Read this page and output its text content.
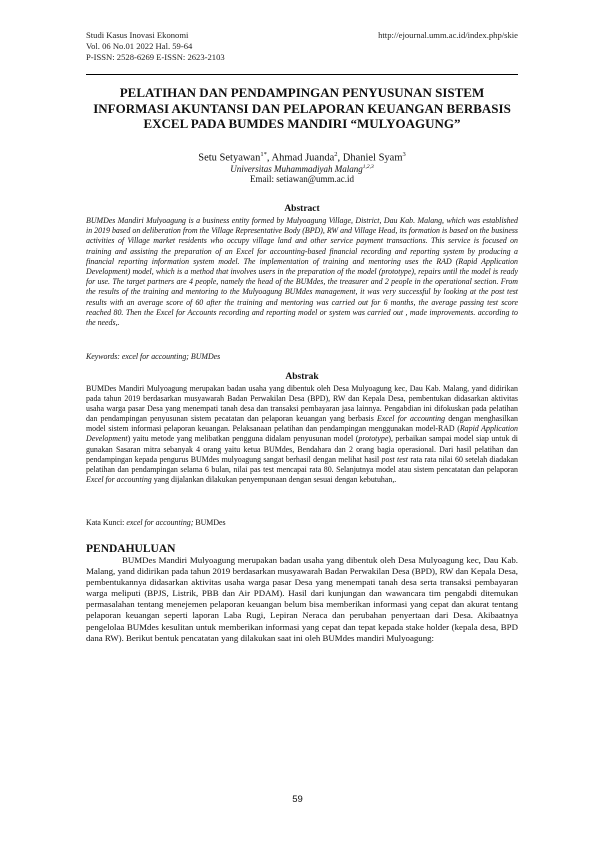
Studi Kasus Inovasi Ekonomi
Vol. 06 No.01 2022 Hal. 59-64
P-ISSN: 2528-6269 E-ISSN: 2623-2103
http://ejournal.umm.ac.id/index.php/skie
PELATIHAN DAN PENDAMPINGAN PENYUSUNAN SISTEM INFORMASI AKUNTANSI DAN PELAPORAN KEUANGAN BERBASIS EXCEL PADA BUMDES MANDIRI “MULYOAGUNG”
Setu Setyawan$^{1*}$, Ahmad Juanda$^2$, Dhaniel Syam$^3$
Universitas Muhammadiyah Malang$^{1,2,3}$
Email: setiawan@umm.ac.id
Abstract

BUMDes Mandiri Mulyoagung is a business entity formed by Mulyoagung Village, District, Dau Kab. Malang, which was established in 2019 based on deliberation from the Village Representative Body (BPD), RW and Village Head, its formation is based on the business activities of Village market residents who occupy village land and other service payment transactions. This service is focused on training and assisting the preparation of an Excel for accounting-based financial recording and reporting system by producing a financial reporting information system model. The implementation of training and mentoring uses the RAD (Rapid Application Development) model, which is a method that involves users in the preparation of the model (prototype), repairs until the model is ready for use. The target partners are 4 people, namely the head of the BUMdes, the treasurer and 2 people in the operational section. From the results of the training and mentoring to the Mulyoagung BUMdes management, it was very successful by looking at the post test results with an average score of 60 after the training and mentoring was carried out for 6 months, the average passing test score reached 80. Then the Excel for Accounts recording and reporting model or system was carried out , made improvements. according to the needs,.

Keywords: excel for accounting; BUMDes
Abstrak

BUMDes Mandiri Mulyoagung merupakan badan usaha yang dibentuk oleh Desa Mulyoagung kec, Dau Kab. Malang, yand didirikan pada tahun 2019 berdasarkan musyawarah Badan Perwakilan Desa (BPD), RW dan Kepala Desa, pembentukan didasarkan aktivitas usaha warga pasar Desa yang menempati tanah desa dan transaksi pembayaran jasa lainnya. Pengabdian ini difokuskan pada pelatihan dan pendampingan penyusunan sistem pecatatan dan pelaporan keuangan yang berbasis Excel for accounting dengan menghasilkan model sistem informasi pelaporan keuangan. Pelaksanaan pelatihan dan pendampingan menggunakan model-RAD (Rapid Application Development) yaitu metode yang melibatkan pengguna didalam penyusunan model (prototype), perbaikan sampai model siap untuk di gunakan Sasaran mitra sebanyak 4 orang yaitu ketua BUMdes, Bendahara dan 2 orang bagia operasional. Dari hasil pelatihan dan pendampingan kepada pengurus BUMdes mulyoagung sangat berhasil dengan melihat hasil post test rata rata nilai 60 setelah diadakan pelatihan dan pendampingan selama 6 bulan, nilai pas test mencapai rata 80. Selanjutnya model atau sistem pencatatan dan pelaporan Excel for accounting yang dijalankan dilakukan penyempunaan dengan sesuai dengan kebutuhan,.

Kata Kunci: excel for accounting; BUMDes
PENDAHULUAN

BUMDes Mandiri Mulyoagung merupakan badan usaha yang dibentuk oleh Desa Mulyoagung kec, Dau Kab. Malang, yand didirikan pada tahun 2019 berdasarkan musyawarah Badan Perwakilan Desa (BPD), RW dan Kepala Desa, pembentukannya didasarkan aktivitas usaha warga pasar Desa yang menempati tanah desa serta transaksi pembayaran warga meliputi (BPJS, Listrik, PBB dan Air PDAM). Hasil dari kunjungan dan wawancara tim pengabdi ditemukan permasalahan tentang menejemen pelaporan keuangan belum bisa memberikan informasi yang cepat dan akurat tentang pelaporan keuangan seperti laporan Laba Rugi, Lepiran Neraca dan perubahan penyertaan dari Desa. Akibaatnya pengelolaa BUMdes kesulitan untuk memberikan informasi yang cepat dan tepat kepada stake holder (kepala desa, BPD dana RW). Berikut bentuk pencatatan yang dilakukan saat ini oleh BUMdes mandiri Mulyoagung:

59
